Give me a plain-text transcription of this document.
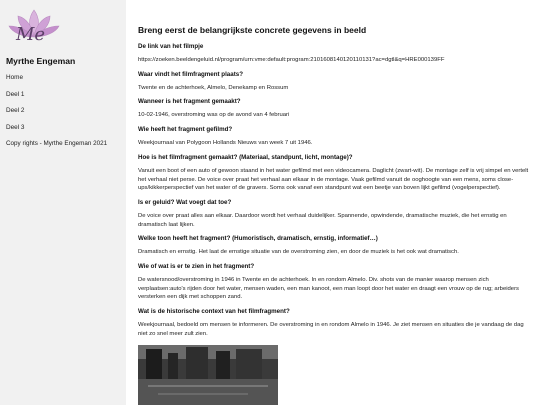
Me
Myrthe Engeman
Home
Deel 1
Deel 2
Deel 3
Copy rights - Myrthe Engeman 2021
Breng eerst de belangrijkste concrete gegevens in beeld
De link van het filmpje
https://zoeken.beeldengeluid.nl/program/urn:vme:default:program:2101608140120110131?ac=dgtl&q=HRE000139FF
Waar vindt het filmfragment plaats?
Twente en de achterhoek, Almelo, Denekamp en Rossum
Wanneer is het fragment gemaakt?
10-02-1946, overstroming was op de avond van 4 februari
Wie heeft het fragment gefilmd?
Weekjournaal van Polygoon Hollands Nieuws van week 7 uit 1946.
Hoe is het filmfragment gemaakt? (Materiaal, standpunt, licht, montage)?
Vanuit een boot of een auto of gewoon staand in het water gefilmd met een videocamera. Daglicht (zwart-wit). De montage zelf is vrij simpel en vertelt het verhaal niet perse. De voice over praat het verhaal aan elkaar in de montage. Vaak gefilmd vanuit de ooghoogte van een mens, soms close-ups/kikkerperspectief van het water of de gravers. Soms ook vanaf een standpunt wat een beetje van boven lijkt gefilmd (vogelperspectief).
Is er geluid? Wat voegt dat toe?
De voice over praat alles aan elkaar. Daardoor wordt het verhaal duidelijker. Spannende, opwindende, dramatische muziek, die het ernstig en dramatisch laat lijken.
Welke toon heeft het fragment? (Humoristisch, dramatisch, ernstig, informatief…)
Dramatisch en ernstig. Het laat de ernstige situatie van de overstroming zien, en door de muziek is het ook wat dramatisch.
Wie of wat is er te zien in het fragment?
De watersnood/overstroming in 1946 in Twente en de achterhoek. In en rondom Almelo. Div. shots van de manier waarop mensen zich verplaatsen:auto's rijden door het water, mensen waden, een man kanoot, een man loopt door het water en draagt een vrouw op de rug; arbeiders versterken een dijk met schoppen zand.
Wat is de historische context van het filmfragment?
Weekjournaal, bedoeld om mensen te informeren. De overstroming in en rondom Almelo in 1946. Je ziet mensen en situaties die je vandaag de dag niet zo snel meer zult zien.
